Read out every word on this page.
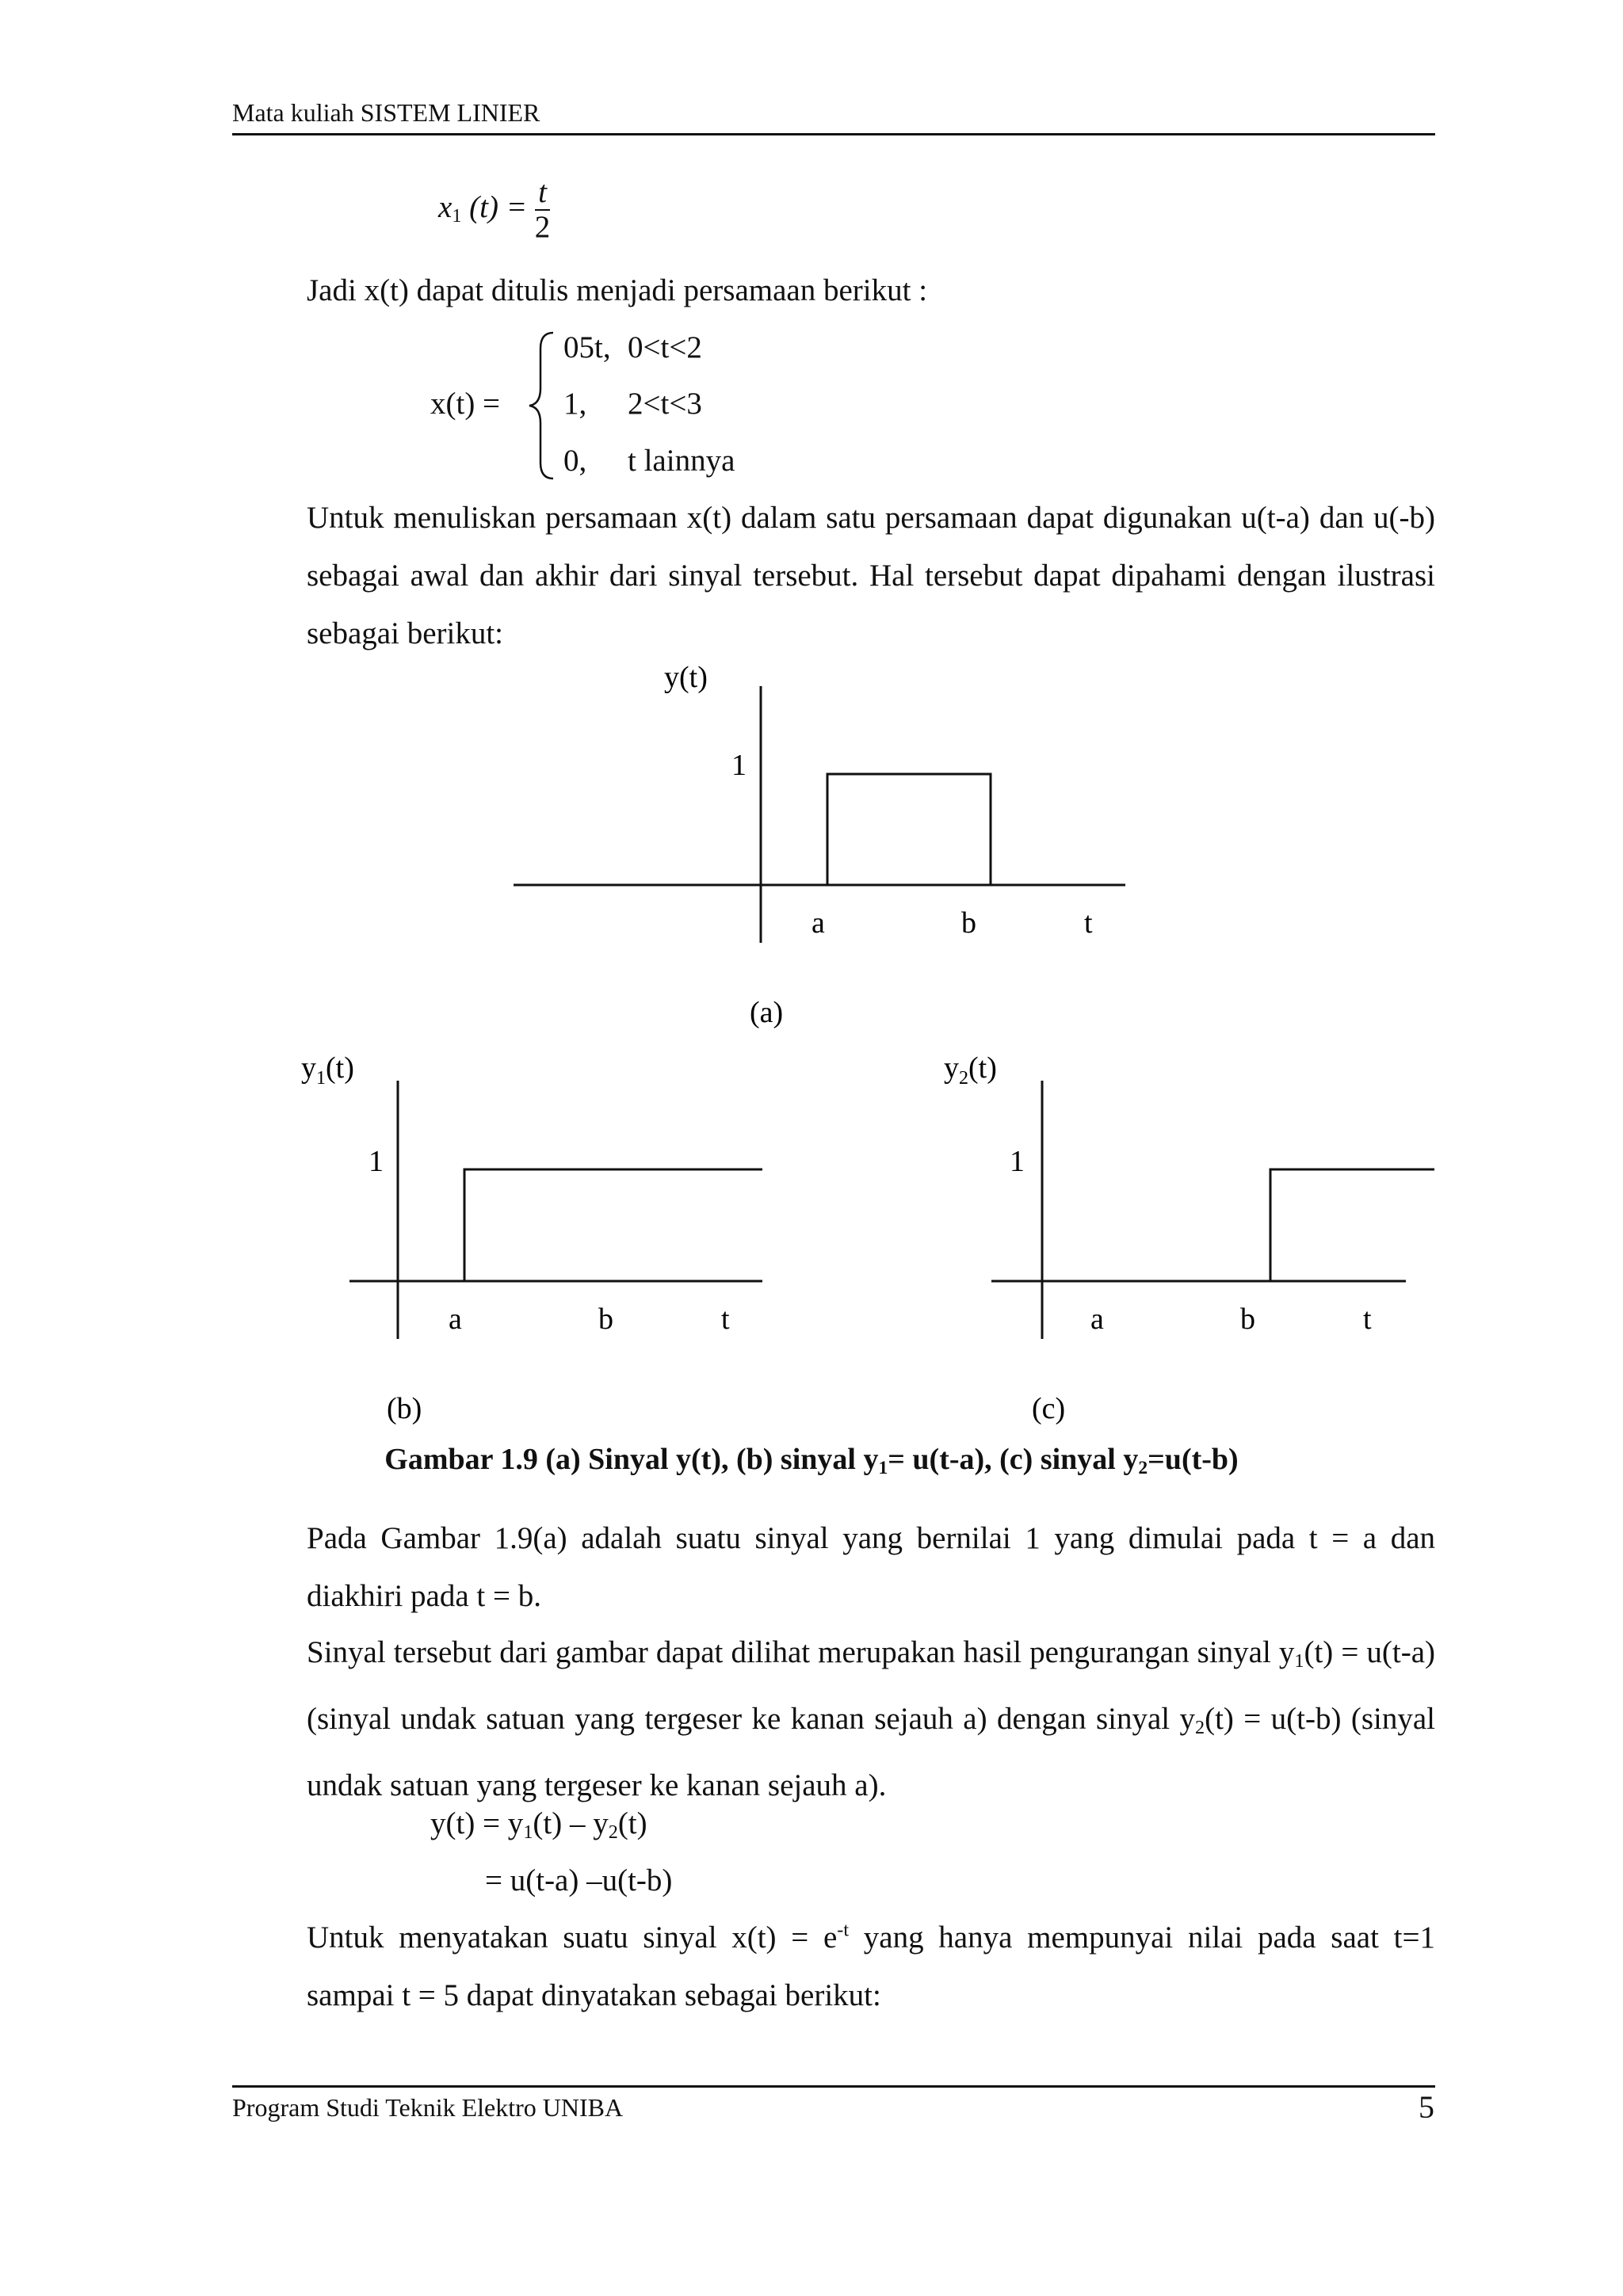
Mata kuliah SISTEM LINIER
$x_1$ $(t) = \frac{t}{2}$
Jadi x(t) dapat ditulis menjadi persamaan berikut :
x(t) =
05t, 0<t<2
1, 2<t<3
0, t lainnya
Untuk menuliskan persamaan x(t) dalam satu persamaan dapat digunakan u(t-a) dan u(-b) sebagai awal dan akhir dari sinyal tersebut. Hal tersebut dapat dipahami dengan ilustrasi sebagai berikut:
y(t)
1
a	b	t
(a)
$y_1(t)$
1
a	b	t
(b)
$y_2(t)$
1
a	b	t
(c)
Gambar 1.9 (a) Sinyal y(t), (b) sinyal $y_1= u(t-a)$, (c) sinyal $y_2=u(t-b)$
Pada Gambar 1.9(a) adalah suatu sinyal yang bernilai 1 yang dimulai pada t = a dan diakhiri pada t = b.
Sinyal tersebut dari gambar dapat dilihat merupakan hasil pengurangan sinyal $y_1(t) = u(t-a)$ (sinyal undak satuan yang tergeser ke kanan sejauh a) dengan sinyal $y_2(t) = u(t-b)$ (sinyal undak satuan yang tergeser ke kanan sejauh a).
$y(t) = y_1(t) - y_2(t)$
= u(t-a) –u(t-b)
Untuk menyatakan suatu sinyal $x(t) = e^{-t}$ yang hanya mempunyai nilai pada saat t=1 sampai t = 5 dapat dinyatakan sebagai berikut:
Program Studi Teknik Elektro UNIBA	5
